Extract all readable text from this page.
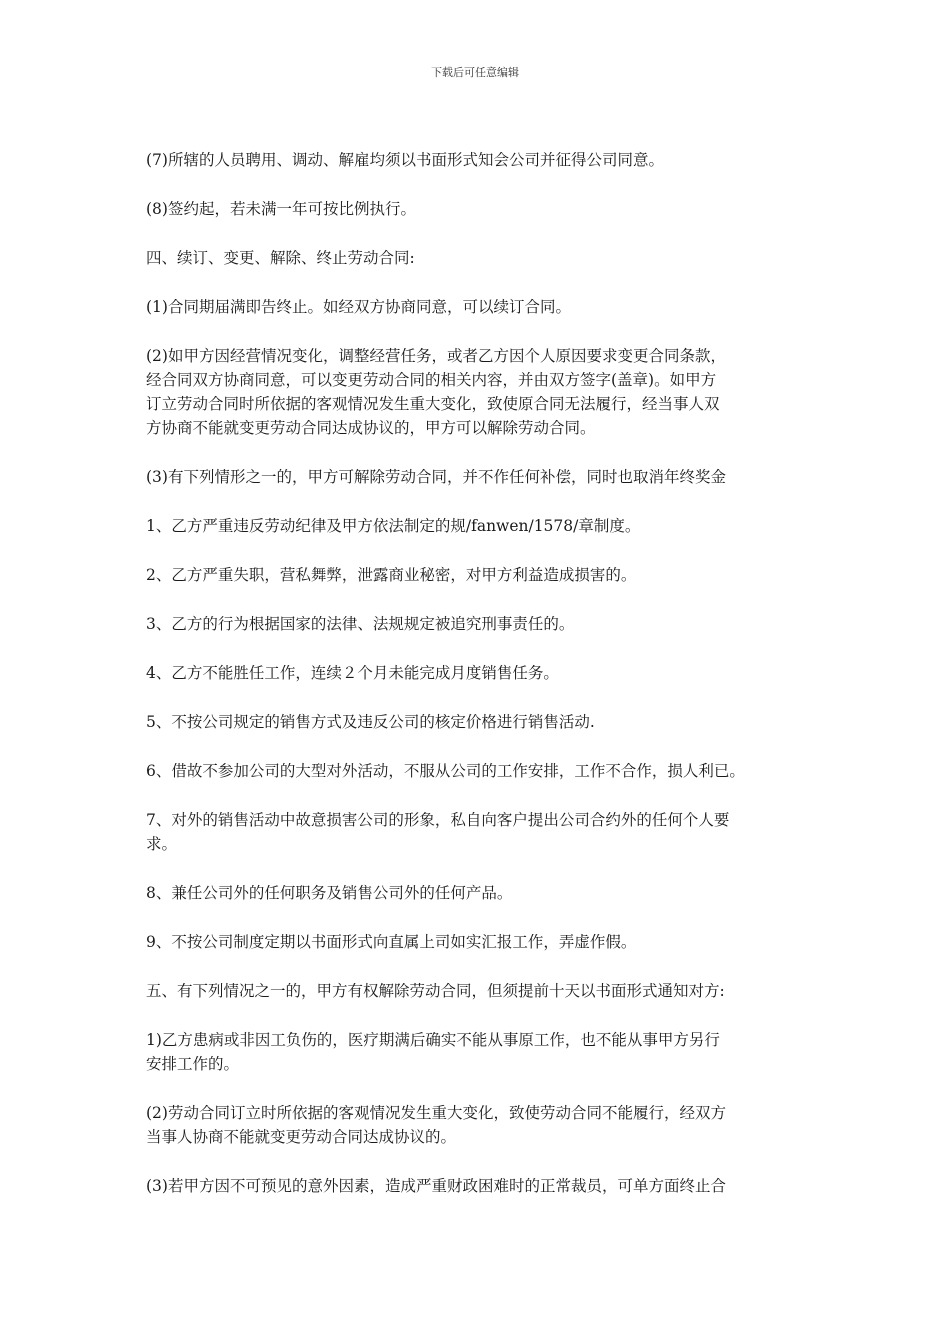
下载后可任意编辑
(7)所辖的人员聘用、调动、解雇均须以书面形式知会公司并征得公司同意。
(8)签约起，若未满一年可按比例执行。
四、续订、变更、解除、终止劳动合同:
(1)合同期届满即告终止。如经双方协商同意，可以续订合同。
(2)如甲方因经营情况变化，调整经营任务，或者乙方因个人原因要求变更合同条款，
经合同双方协商同意，可以变更劳动合同的相关内容，并由双方签字(盖章)。如甲方
订立劳动合同时所依据的客观情况发生重大变化，致使原合同无法履行，经当事人双
方协商不能就变更劳动合同达成协议的，甲方可以解除劳动合同。
(3)有下列情形之一的，甲方可解除劳动合同，并不作任何补偿，同时也取消年终奖金
1、乙方严重违反劳动纪律及甲方依法制定的规/fanwen/1578/章制度。
2、乙方严重失职，营私舞弊，泄露商业秘密，对甲方利益造成损害的。
3、乙方的行为根据国家的法律、法规规定被追究刑事责任的。
4、乙方不能胜任工作，连续２个月未能完成月度销售任务。
5、不按公司规定的销售方式及违反公司的核定价格进行销售活动.
6、借故不参加公司的大型对外活动，不服从公司的工作安排，工作不合作，损人利已。
7、对外的销售活动中故意损害公司的形象，私自向客户提出公司合约外的任何个人要
求。
8、兼任公司外的任何职务及销售公司外的任何产品。
9、不按公司制度定期以书面形式向直属上司如实汇报工作，弄虚作假。
五、有下列情况之一的，甲方有权解除劳动合同，但须提前十天以书面形式通知对方:
1)乙方患病或非因工负伤的，医疗期满后确实不能从事原工作，也不能从事甲方另行
安排工作的。
(2)劳动合同订立时所依据的客观情况发生重大变化，致使劳动合同不能履行，经双方
当事人协商不能就变更劳动合同达成协议的。
(3)若甲方因不可预见的意外因素，造成严重财政困难时的正常裁员，可单方面终止合
